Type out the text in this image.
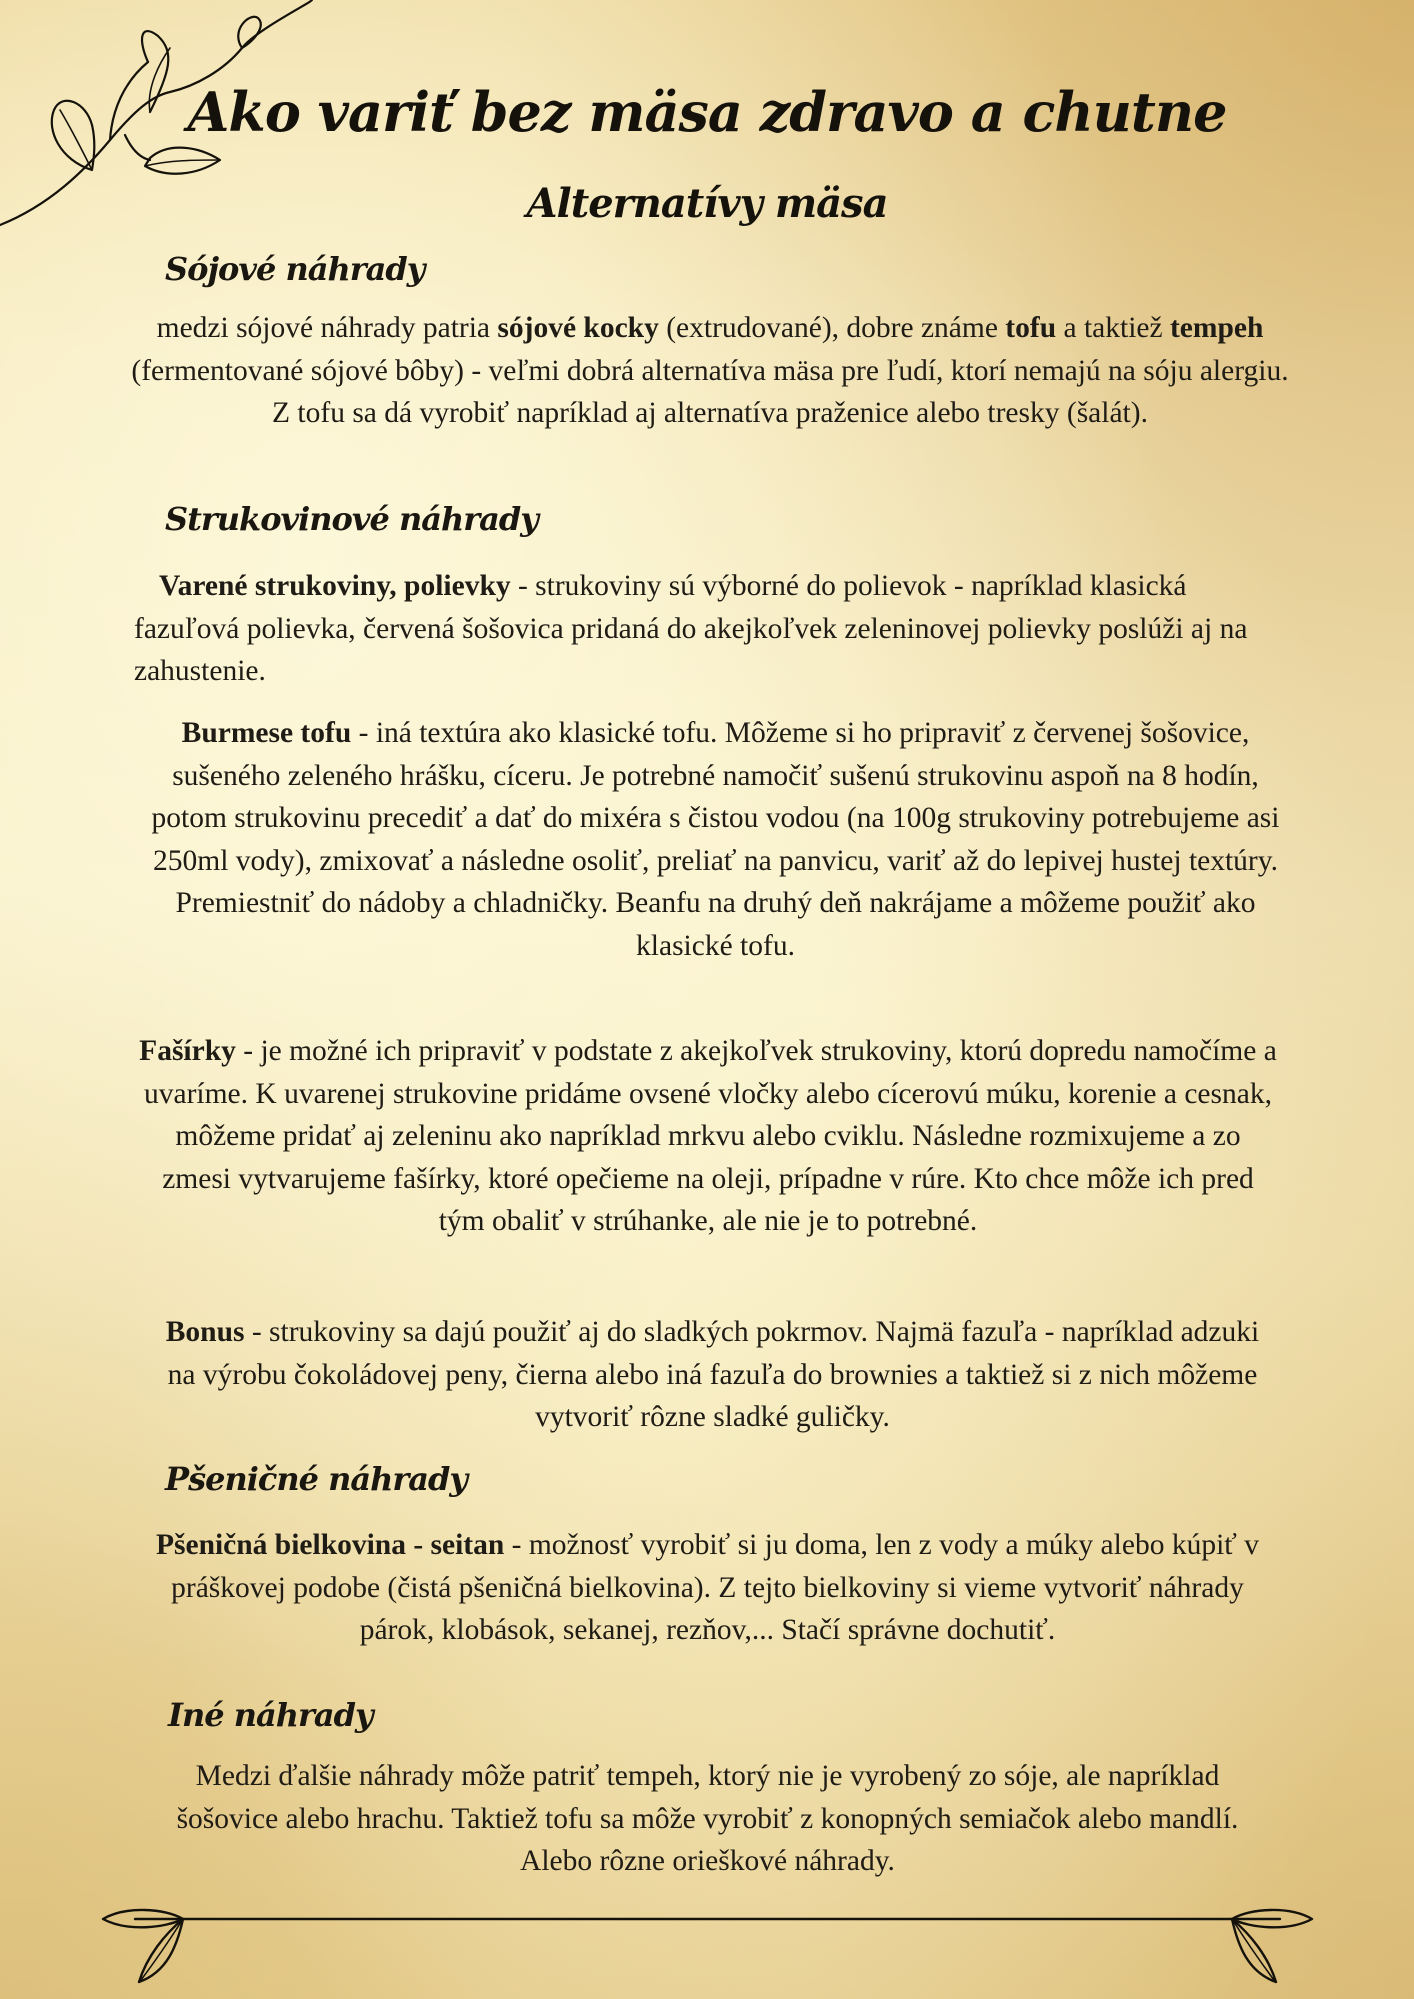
Ako variť bez mäsa zdravo a chutne
Alternatívy mäsa
Sójové náhrady

medzi sójové náhrady patria sójové kocky (extrudované), dobre známe tofu a taktiež tempeh (fermentované sójové bôby) - veľmi dobrá alternatíva mäsa pre ľudí, ktorí nemajú na sóju alergiu. Z tofu sa dá vyrobiť napríklad aj alternatíva praženice alebo tresky (šalát).

Strukovinové náhrady

Varené strukoviny, polievky - strukoviny sú výborné do polievok - napríklad klasická fazuľová polievka, červená šošovica pridaná do akejkoľvek zeleninovej polievky poslúži aj na zahustenie.

Burmese tofu - iná textúra ako klasické tofu. Môžeme si ho pripraviť z červenej šošovice, sušeného zeleného hrášku, cíceru. Je potrebné namočiť sušenú strukovinu aspoň na 8 hodín, potom strukovinu precediť a dať do mixéra s čistou vodou (na 100g strukoviny potrebujeme asi 250ml vody), zmixovať a následne osoliť, preliať na panvicu, variť až do lepivej hustej textúry. Premiestniť do nádoby a chladničky. Beanfu na druhý deň nakrájame a môžeme použiť ako klasické tofu.

Fašírky - je možné ich pripraviť v podstate z akejkoľvek strukoviny, ktorú dopredu namočíme a uvaríme. K uvarenej strukovine pridáme ovsené vločky alebo cícerovú múku, korenie a cesnak, môžeme pridať aj zeleninu ako napríklad mrkvu alebo cviklu. Následne rozmixujeme a zo zmesi vytvarujeme fašírky, ktoré opečieme na oleji, prípadne v rúre. Kto chce môže ich pred tým obaliť v strúhanke, ale nie je to potrebné.

Bonus - strukoviny sa dajú použiť aj do sladkých pokrmov. Najmä fazuľa - napríklad adzuki na výrobu čokoládovej peny, čierna alebo iná fazuľa do brownies a taktiež si z nich môžeme vytvoriť rôzne sladké guličky.

Pšeničné náhrady

Pšeničná bielkovina - seitan - možnosť vyrobiť si ju doma, len z vody a múky alebo kúpiť v práškovej podobe (čistá pšeničná bielkovina). Z tejto bielkoviny si vieme vytvoriť náhrady párok, klobások, sekanej, rezňov,... Stačí správne dochutiť.

Iné náhrady

Medzi ďalšie náhrady môže patriť tempeh, ktorý nie je vyrobený zo sóje, ale napríklad šošovice alebo hrachu. Taktiež tofu sa môže vyrobiť z konopných semiačok alebo mandlí. Alebo rôzne orieškové náhrady.
